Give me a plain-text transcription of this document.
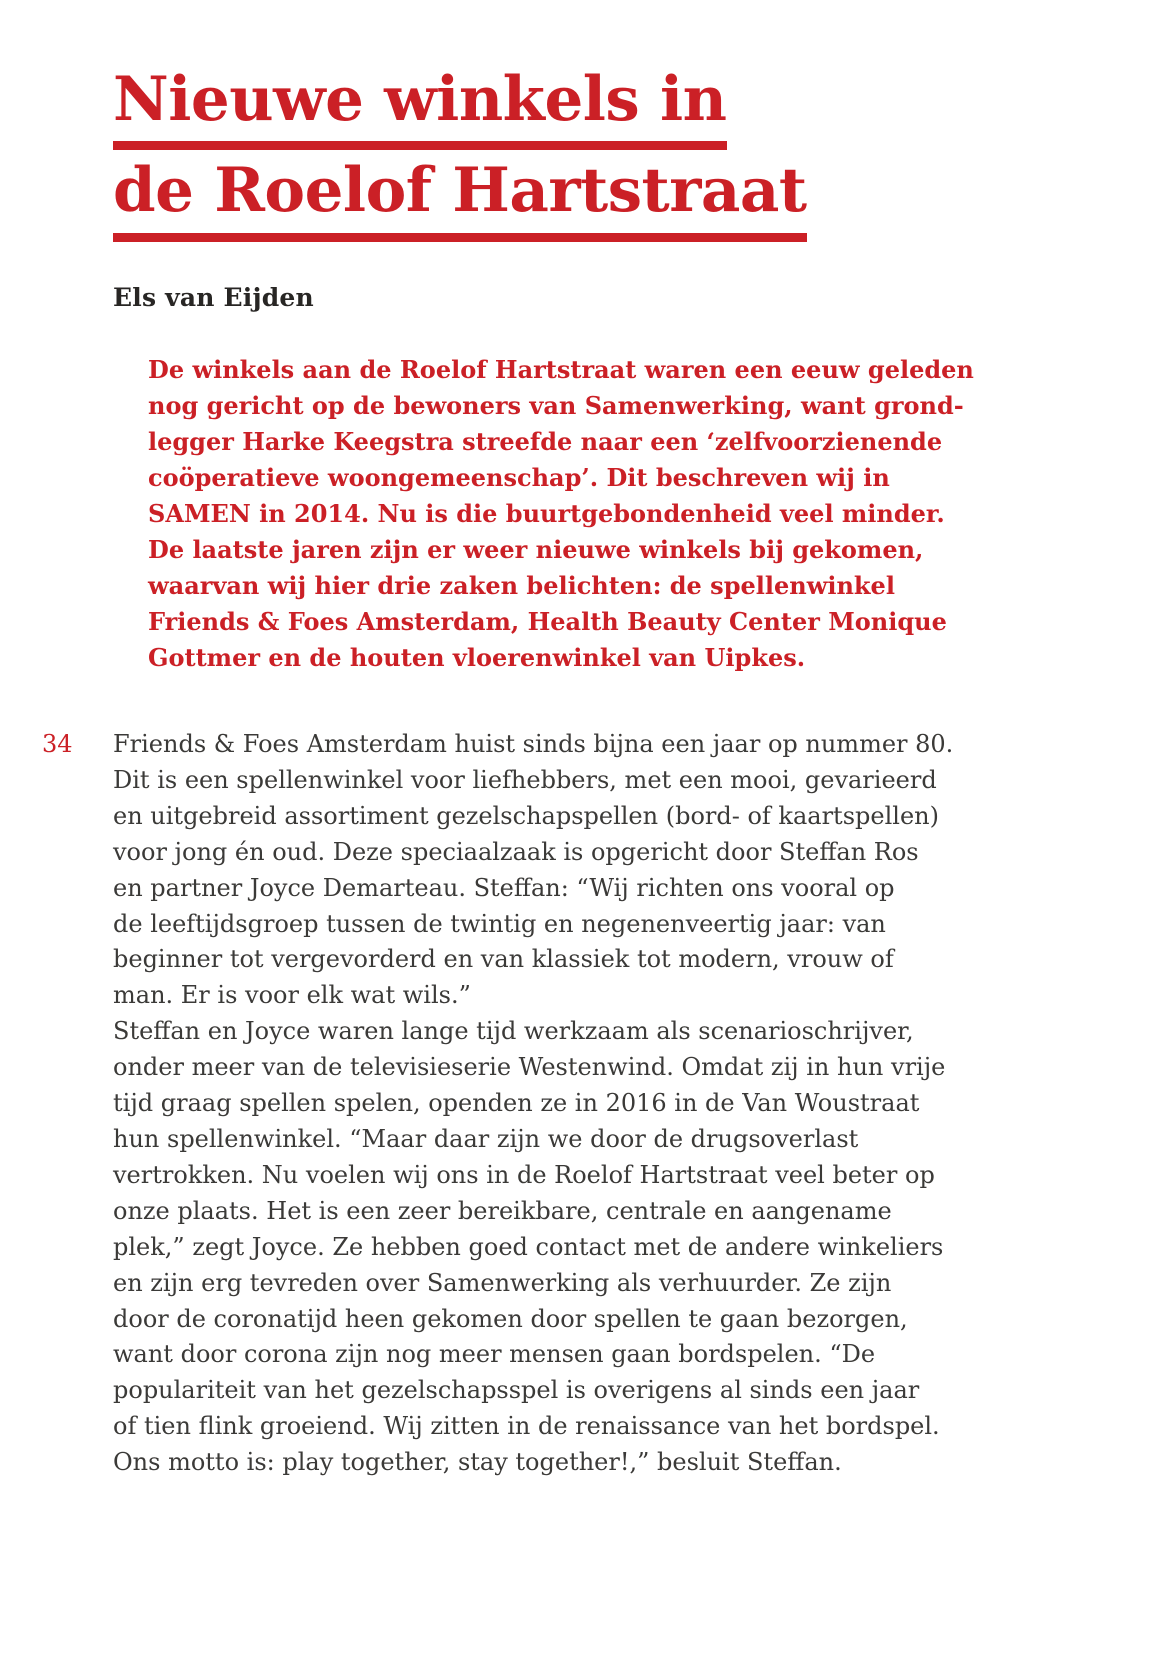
Nieuwe winkels in
de Roelof Hartstraat
Els van Eijden
De winkels aan de Roelof Hartstraat waren een eeuw geleden
nog gericht op de bewoners van Samenwerking, want grond-
legger Harke Keegstra streefde naar een ‘zelfvoorzienende
coöperatieve woongemeenschap’. Dit beschreven wij in
SAMEN in 2014. Nu is die buurtgebondenheid veel minder.
De laatste jaren zijn er weer nieuwe winkels bij gekomen,
waarvan wij hier drie zaken belichten: de spellenwinkel
Friends & Foes Amsterdam, Health Beauty Center Monique
Gottmer en de houten vloerenwinkel van Uipkes.
34 Friends & Foes Amsterdam huist sinds bijna een jaar op nummer 80.
Dit is een spellenwinkel voor liefhebbers, met een mooi, gevarieerd
en uitgebreid assortiment gezelschapspellen (bord- of kaartspellen)
voor jong én oud. Deze speciaalzaak is opgericht door Steffan Ros
en partner Joyce Demarteau. Steffan: “Wij richten ons vooral op
de leeftijdsgroep tussen de twintig en negenenveertig jaar: van
beginner tot vergevorderd en van klassiek tot modern, vrouw of
man. Er is voor elk wat wils.”
Steffan en Joyce waren lange tijd werkzaam als scenarioschrijver,
onder meer van de televisieserie Westenwind. Omdat zij in hun vrije
tijd graag spellen spelen, openden ze in 2016 in de Van Woustraat
hun spellenwinkel. “Maar daar zijn we door de drugsoverlast
vertrokken. Nu voelen wij ons in de Roelof Hartstraat veel beter op
onze plaats. Het is een zeer bereikbare, centrale en aangename
plek,” zegt Joyce. Ze hebben goed contact met de andere winkeliers
en zijn erg tevreden over Samenwerking als verhuurder. Ze zijn
door de coronatijd heen gekomen door spellen te gaan bezorgen,
want door corona zijn nog meer mensen gaan bordspelen. “De
populariteit van het gezelschapsspel is overigens al sinds een jaar
of tien flink groeiend. Wij zitten in de renaissance van het bordspel.
Ons motto is: play together, stay together!,” besluit Steffan.
